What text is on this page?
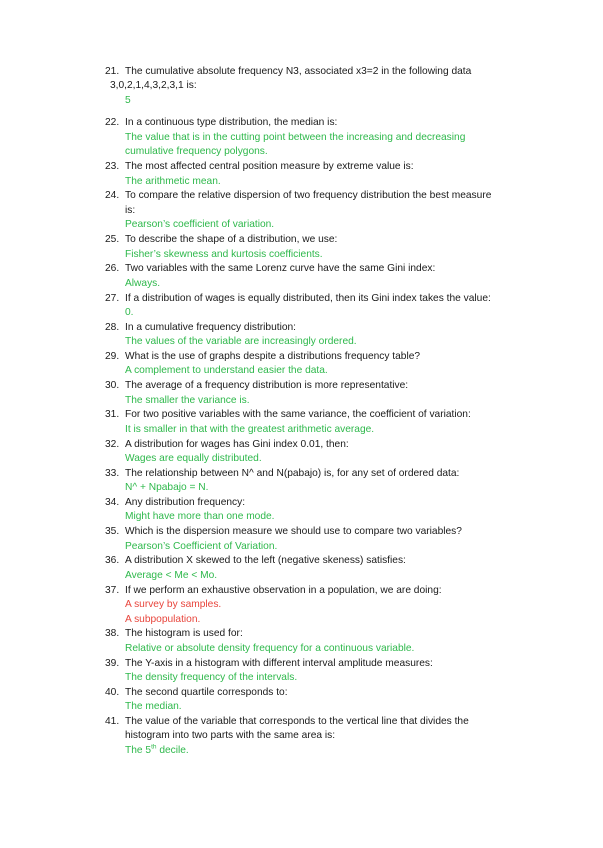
21. The cumulative absolute frequency N3, associated x3=2 in the following data
3,0,2,1,4,3,2,3,1 is:
5
22. In a continuous type distribution, the median is:
The value that is in the cutting point between the increasing and decreasing
cumulative frequency polygons.
23. The most affected central position measure by extreme value is:
The arithmetic mean.
24. To compare the relative dispersion of two frequency distribution the best measure
is:
Pearson’s coefficient of variation.
25. To describe the shape of a distribution, we use:
Fisher’s skewness and kurtosis coefficients.
26. Two variables with the same Lorenz curve have the same Gini index:
Always.
27. If a distribution of wages is equally distributed, then its Gini index takes the value:
0.
28. In a cumulative frequency distribution:
The values of the variable are increasingly ordered.
29. What is the use of graphs despite a distributions frequency table?
A complement to understand easier the data.
30. The average of a frequency distribution is more representative:
The smaller the variance is.
31. For two positive variables with the same variance, the coefficient of variation:
It is smaller in that with the greatest arithmetic average.
32. A distribution for wages has Gini index 0.01, then:
Wages are equally distributed.
33. The relationship between N^ and N(pabajo) is, for any set of ordered data:
N^ + Npabajo = N.
34. Any distribution frequency:
Might have more than one mode.
35. Which is the dispersion measure we should use to compare two variables?
Pearson’s Coefficient of Variation.
36. A distribution X skewed to the left (negative skeness) satisfies:
Average < Me < Mo.
37. If we perform an exhaustive observation in a population, we are doing:
A survey by samples.
A subpopulation.
38. The histogram is used for:
Relative or absolute density frequency for a continuous variable.
39. The Y-axis in a histogram with different interval amplitude measures:
The density frequency of the intervals.
40. The second quartile corresponds to:
The median.
41. The value of the variable that corresponds to the vertical line that divides the
histogram into two parts with the same area is:
The 5th decile.
